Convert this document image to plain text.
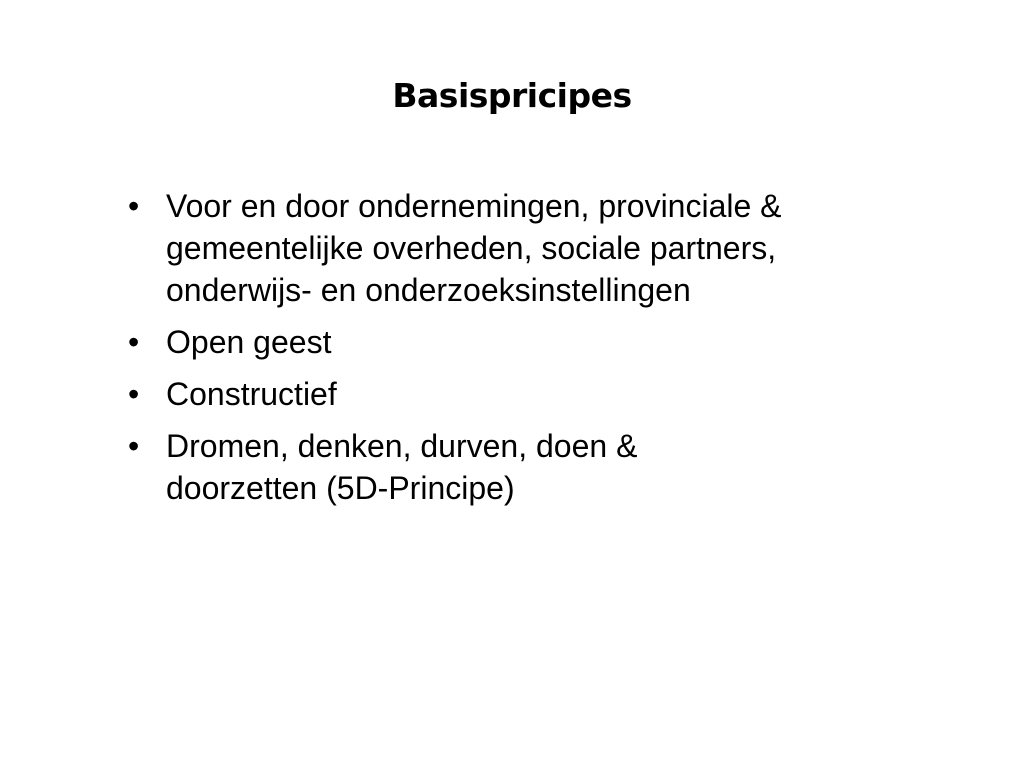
Basispricipes
• Voor en door ondernemingen, provinciale & gemeentelijke overheden, sociale partners, onderwijs- en onderzoeksinstellingen
• Open geest
• Constructief
• Dromen, denken, durven, doen & doorzetten (5D-Principe)
